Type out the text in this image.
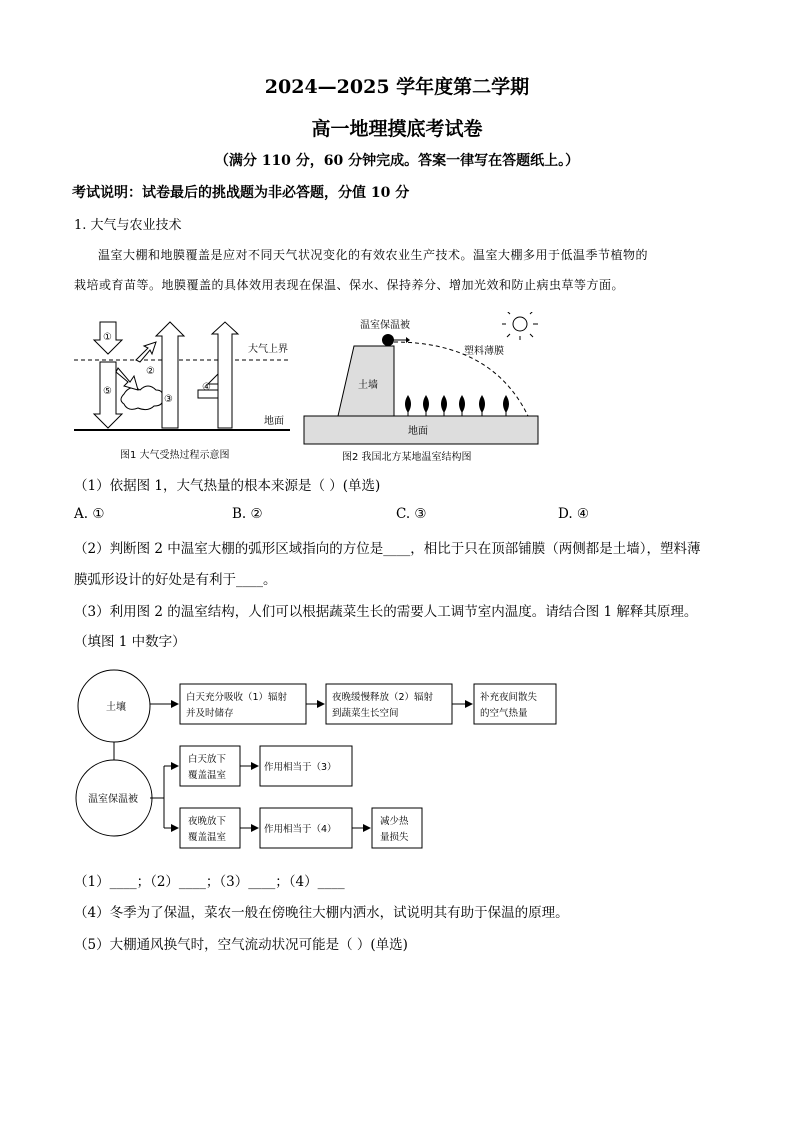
2024—2025 学年度第二学期
高一地理摸底考试卷
（满分 110 分，60 分钟完成。答案一律写在答题纸上。）
考试说明：试卷最后的挑战题为非必答题，分值 10 分
1. 大气与农业技术
温室大棚和地膜覆盖是应对不同天气状况变化的有效农业生产技术。温室大棚多用于低温季节植物的
栽培或育苗等。地膜覆盖的具体效用表现在保温、保水、保持养分、增加光效和防止病虫草等方面。
①
⑤
②
③
④
大气上界
地面
图1 大气受热过程示意图
地面
土墙
温室保温被
塑料薄膜
图2 我国北方某地温室结构图
（1）依据图 1，大气热量的根本来源是（ ）(单选)
A. ①	B. ②	C. ③	D. ④
（2）判断图 2 中温室大棚的弧形区域指向的方位是____，相比于只在顶部铺膜（两侧都是土墙），塑料薄
膜弧形设计的好处是有利于____。
（3）利用图 2 的温室结构，人们可以根据蔬菜生长的需要人工调节室内温度。请结合图 1 解释其原理。
（填图 1 中数字）
土壤
温室保温被
白天充分吸收（1）辐射
并及时储存
夜晚缓慢释放（2）辐射
到蔬菜生长空间
补充夜间散失
的空气热量
白天放下
覆盖温室
作用相当于（3）
夜晚放下
覆盖温室
作用相当于（4）
减少热
量损失
（1）____；（2）____；（3）____；（4）____
（4）冬季为了保温，菜农一般在傍晚往大棚内洒水，试说明其有助于保温的原理。
（5）大棚通风换气时，空气流动状况可能是（ ）(单选)
